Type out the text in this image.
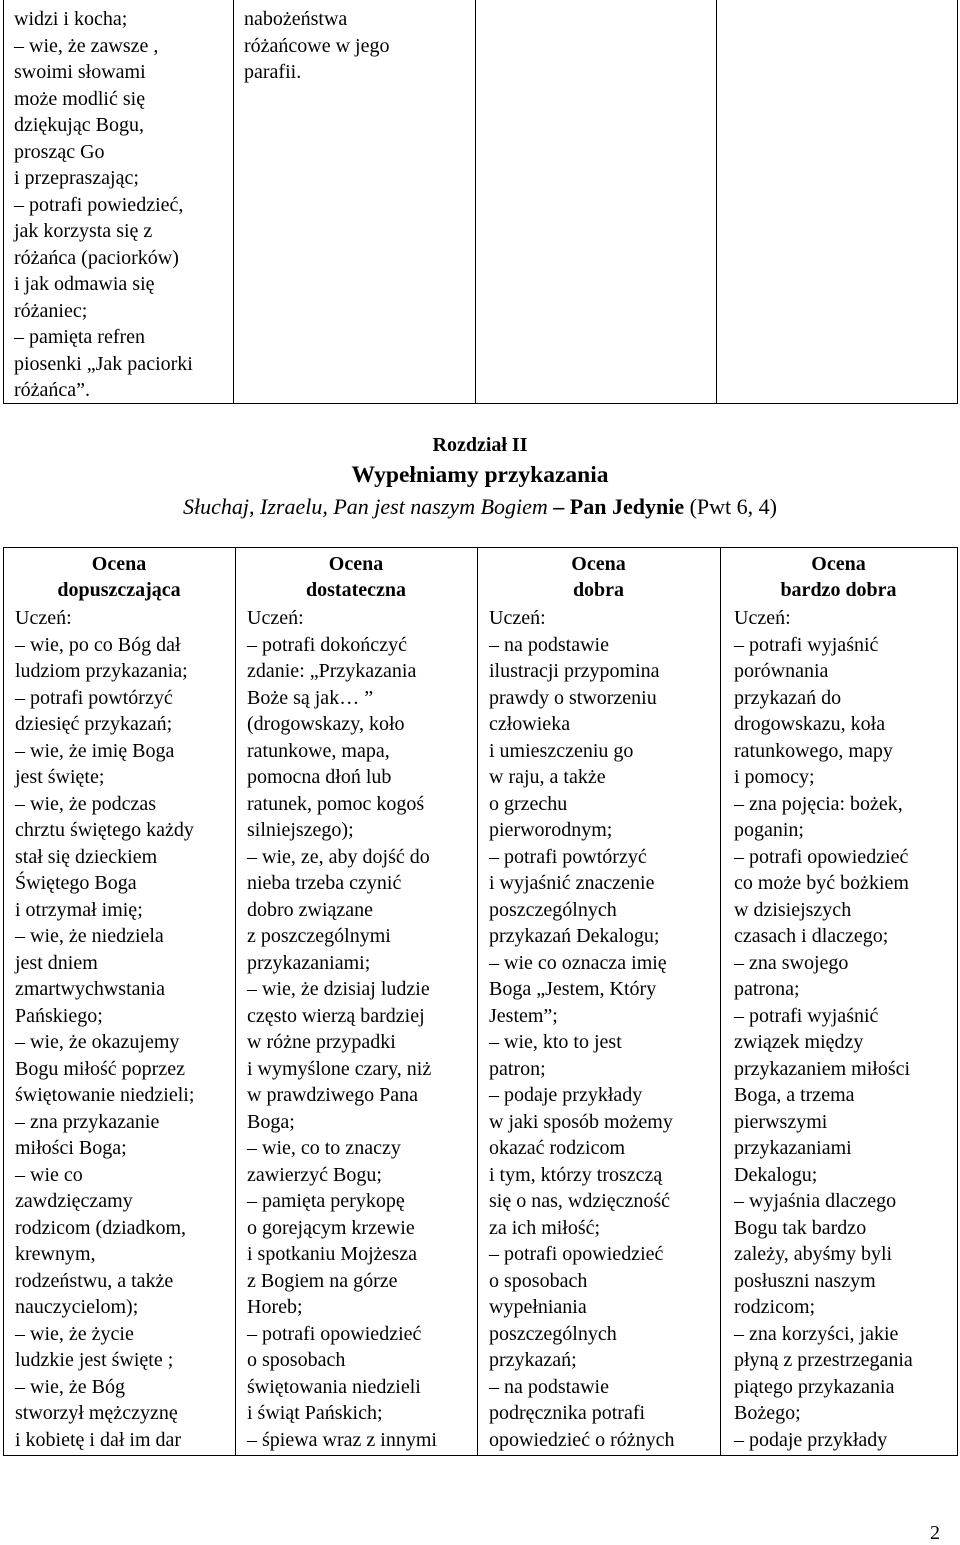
widzi i kocha;
– wie, że zawsze ,
swoimi słowami
może modlić się
dziękując Bogu,
prosząc Go
i przepraszając;
– potrafi powiedzieć,
jak korzysta się z
różańca (paciorków)
i jak odmawia się
różaniec;
– pamięta refren
piosenki „Jak paciorki
różańca”.
nabożeństwa
różańcowe w jego
parafii.
Rozdział II
Wypełniamy przykazania
Słuchaj, Izraelu, Pan jest naszym Bogiem – Pan Jedynie (Pwt 6, 4)
Ocena
dopuszczająca
Uczeń:
– wie, po co Bóg dał
ludziom przykazania;
– potrafi powtórzyć
dziesięć przykazań;
– wie, że imię Boga
jest święte;
– wie, że podczas
chrztu świętego każdy
stał się dzieckiem
Świętego Boga
i otrzymał imię;
– wie, że niedziela
jest dniem
zmartwychwstania
Pańskiego;
– wie, że okazujemy
Bogu miłość poprzez
świętowanie niedzieli;
– zna przykazanie
miłości Boga;
– wie co
zawdzięczamy
rodzicom (dziadkom,
krewnym,
rodzeństwu, a także
nauczycielom);
– wie, że życie
ludzkie jest święte ;
– wie, że Bóg
stworzył mężczyznę
i kobietę i dał im dar
Ocena
dostateczna
Uczeń:
– potrafi dokończyć
zdanie: „Przykazania
Boże są jak… ”
(drogowskazy, koło
ratunkowe, mapa,
pomocna dłoń lub
ratunek, pomoc kogoś
silniejszego);
– wie, ze, aby dojść do
nieba trzeba czynić
dobro związane
z poszczególnymi
przykazaniami;
– wie, że dzisiaj ludzie
często wierzą bardziej
w różne przypadki
i wymyślone czary, niż
w prawdziwego Pana
Boga;
– wie, co to znaczy
zawierzyć Bogu;
– pamięta perykopę
o gorejącym krzewie
i spotkaniu Mojżesza
z Bogiem na górze
Horeb;
– potrafi opowiedzieć
o sposobach
świętowania niedzieli
i świąt Pańskich;
– śpiewa wraz z innymi
Ocena
dobra
Uczeń:
– na podstawie
ilustracji przypomina
prawdy o stworzeniu
człowieka
i umieszczeniu go
w raju, a także
o grzechu
pierworodnym;
– potrafi powtórzyć
i wyjaśnić znaczenie
poszczególnych
przykazań Dekalogu;
– wie co oznacza imię
Boga „Jestem, Który
Jestem”;
– wie, kto to jest
patron;
– podaje przykłady
w jaki sposób możemy
okazać rodzicom
i tym, którzy troszczą
się o nas, wdzięczność
za ich miłość;
– potrafi opowiedzieć
o sposobach
wypełniania
poszczególnych
przykazań;
– na podstawie
podręcznika potrafi
opowiedzieć o różnych
Ocena
bardzo dobra
Uczeń:
– potrafi wyjaśnić
porównania
przykazań do
drogowskazu, koła
ratunkowego, mapy
i pomocy;
– zna pojęcia: bożek,
poganin;
– potrafi opowiedzieć
co może być bożkiem
w dzisiejszych
czasach i dlaczego;
– zna swojego
patrona;
– potrafi wyjaśnić
związek między
przykazaniem miłości
Boga, a trzema
pierwszymi
przykazaniami
Dekalogu;
– wyjaśnia dlaczego
Bogu tak bardzo
zależy, abyśmy byli
posłuszni naszym
rodzicom;
– zna korzyści, jakie
płyną z przestrzegania
piątego przykazania
Bożego;
– podaje przykłady
2
